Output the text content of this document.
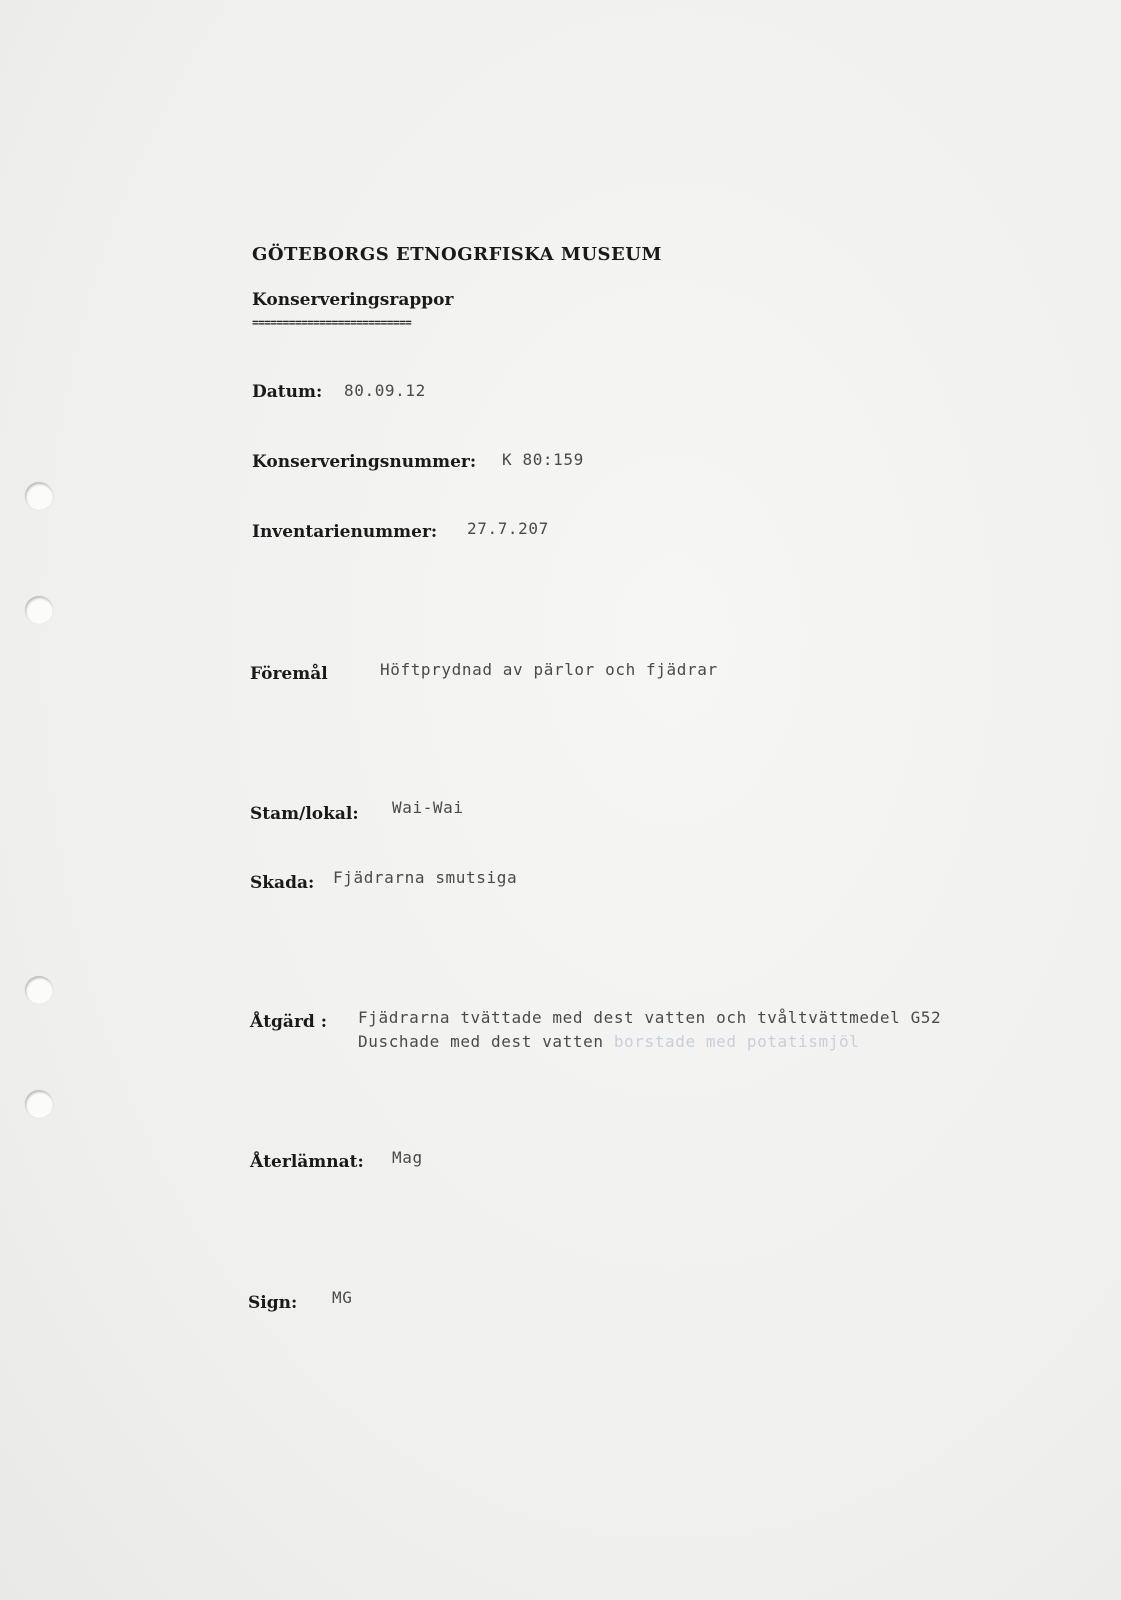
GÖTEBORGS ETNOGRFISKA MUSEUM
Konserveringsrappor
==========================
Datum: 80.09.12
Konserveringsnummer: K 80:159
Inventarienummer: 27.7.207
Föremål	Höftprydnad av pärlor och fjädrar
Stam/lokal: Wai-Wai
Skada: Fjädrarna smutsiga
Åtgärd : Fjädrarna tvättade med dest vatten och tvåltvättmedel G52
Duschade med dest vatten borstade med potatismjöl
Återlämnat: Mag
Sign: MG
